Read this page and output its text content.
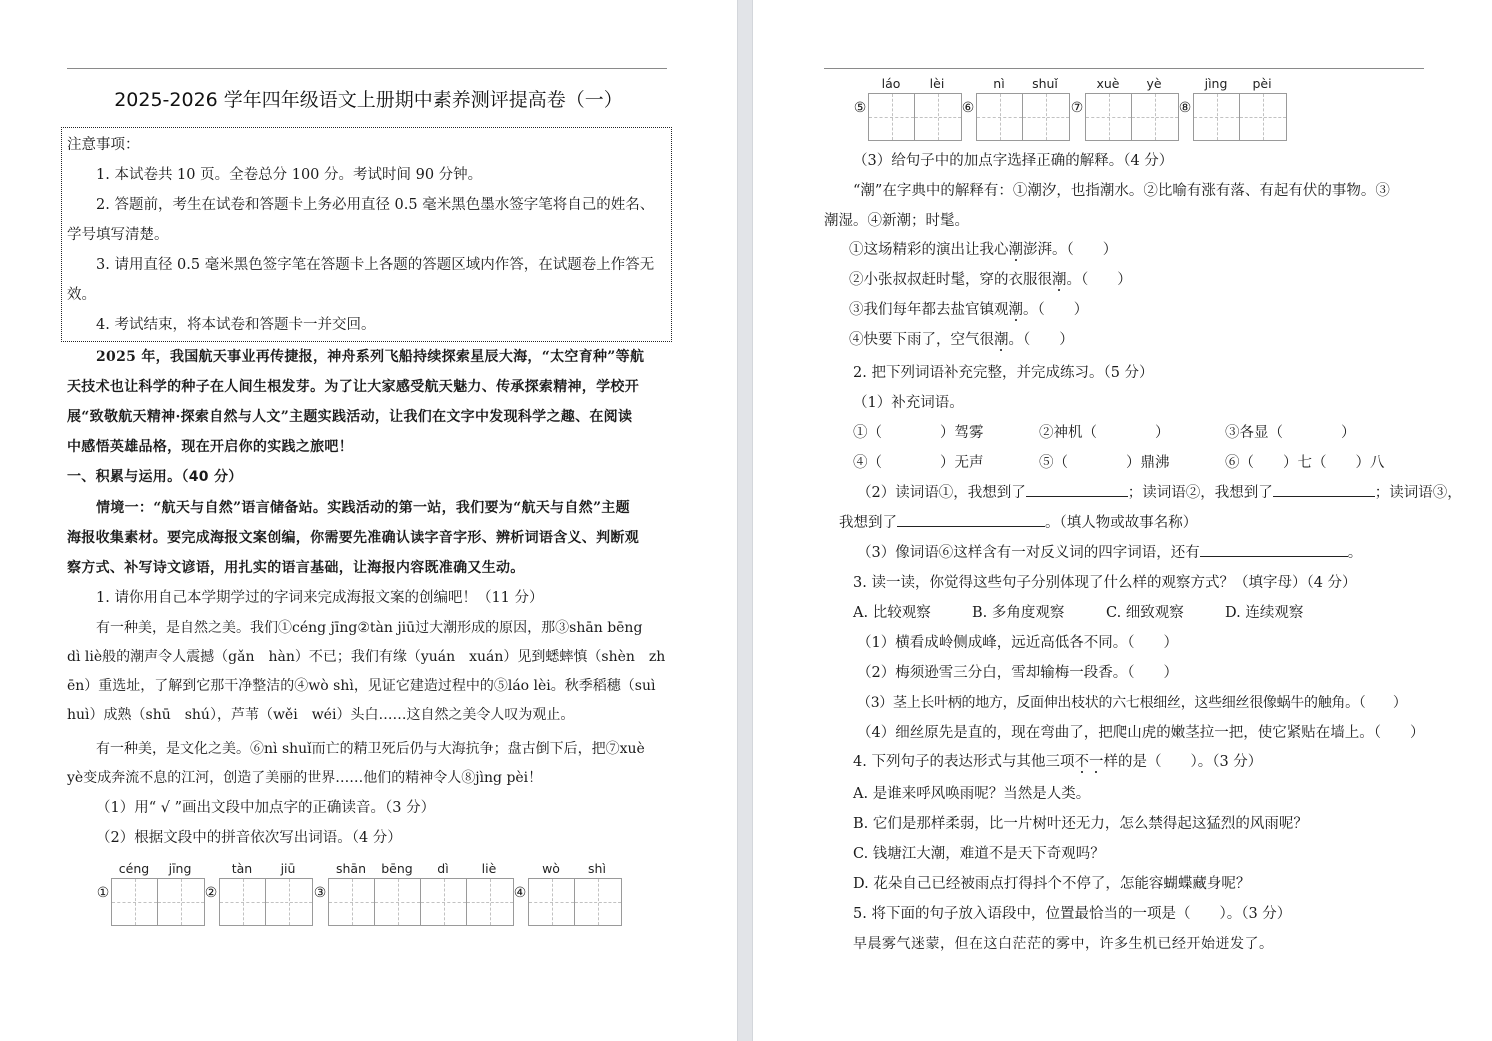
2025-2026 学年四年级语文上册期中素养测评提高卷（一）
注意事项：
1. 本试卷共 10 页。全卷总分 100 分。考试时间 90 分钟。
2. 答题前，考生在试卷和答题卡上务必用直径 0.5 毫米黑色墨水签字笔将自己的姓名、
学号填写清楚。
3. 请用直径 0.5 毫米黑色签字笔在答题卡上各题的答题区域内作答，在试题卷上作答无
效。
4. 考试结束，将本试卷和答题卡一并交回。
2025 年，我国航天事业再传捷报，神舟系列飞船持续探索星辰大海，“太空育种”等航
天技术也让科学的种子在人间生根发芽。为了让大家感受航天魅力、传承探索精神，学校开
展“致敬航天精神·探索自然与人文”主题实践活动，让我们在文字中发现科学之趣、在阅读
中感悟英雄品格，现在开启你的实践之旅吧！
一、积累与运用。（40 分）
情境一：“航天与自然”语言储备站。实践活动的第一站，我们要为“航天与自然”主题
海报收集素材。要完成海报文案创编，你需要先准确认读字音字形、辨析词语含义、判断观
察方式、补写诗文谚语，用扎实的语言基础，让海报内容既准确又生动。
1. 请你用自己本学期学过的字词来完成海报文案的创编吧！（11 分）
有一种美，是自然之美。我们①céng jīng②tàn jiū过大潮形成的原因，那③shān bēng
dì liè般的潮声令人震撼（gǎn　hàn）不已；我们有缘（yuán　xuán）见到蟋蟀慎（shèn　zh
ēn）重选址，了解到它那干净整洁的④wò shì，见证它建造过程中的⑤láo lèi。秋季稻穗（suì
huì）成熟（shū　shú），芦苇（wěi　wéi）头白……这自然之美令人叹为观止。
有一种美，是文化之美。⑥nì shuǐ而亡的精卫死后仍与大海抗争；盘古倒下后，把⑦xuè
yè变成奔流不息的江河，创造了美丽的世界……他们的精神令人⑧jìng pèi！
（1）用“ √ ”画出文段中加点字的正确读音。（3 分）
（2）根据文段中的拼音依次写出词语。（4 分）
①
céng	jīng
②
tàn	jiū
③
shān	bēng	dì	liè
④
wò	shì
⑤
láo	lèi
⑥
nì	shuǐ
⑦
xuè	yè
⑧
jìng	pèi
（3）给句子中的加点字选择正确的解释。（4 分）
“潮”在字典中的解释有：①潮汐，也指潮水。②比喻有涨有落、有起有伏的事物。③
潮湿。④新潮；时髦。
①这场精彩的演出让我心潮澎湃。（　　）
②小张叔叔赶时髦，穿的衣服很潮。（　　）
③我们每年都去盐官镇观潮。（　　）
④快要下雨了，空气很潮。（　　）
2. 把下列词语补充完整，并完成练习。（5 分）
（1）补充词语。
①（　　　　）驾雾	②神机（　　　　）	③各显（　　　　）
④（　　　　）无声	⑤（　　　　）鼎沸	⑥（　　）七（　　）八
（2）读词语①，我想到了	；读词语②，我想到了	；读词语③，
我想到了	。（填人物或故事名称）
（3）像词语⑥这样含有一对反义词的四字词语，还有	。
3. 读一读，你觉得这些句子分别体现了什么样的观察方式？（填字母）（4 分）
A. 比较观察	B. 多角度观察	C. 细致观察	D. 连续观察
（1）横看成岭侧成峰，远近高低各不同。（　　）
（2）梅须逊雪三分白，雪却输梅一段香。（　　）
（3）茎上长叶柄的地方，反面伸出枝状的六七根细丝，这些细丝很像蜗牛的触角。（　　）
（4）细丝原先是直的，现在弯曲了，把爬山虎的嫩茎拉一把，使它紧贴在墙上。（　　）
4. 下列句子的表达形式与其他三项不一样的是（　　）。（3 分）
A. 是谁来呼风唤雨呢？当然是人类。
B. 它们是那样柔弱，比一片树叶还无力，怎么禁得起这猛烈的风雨呢？
C. 钱塘江大潮，难道不是天下奇观吗？
D. 花朵自己已经被雨点打得抖个不停了，怎能容蝴蝶藏身呢？
5. 将下面的句子放入语段中，位置最恰当的一项是（　　）。（3 分）
早晨雾气迷蒙，但在这白茫茫的雾中，许多生机已经开始迸发了。
